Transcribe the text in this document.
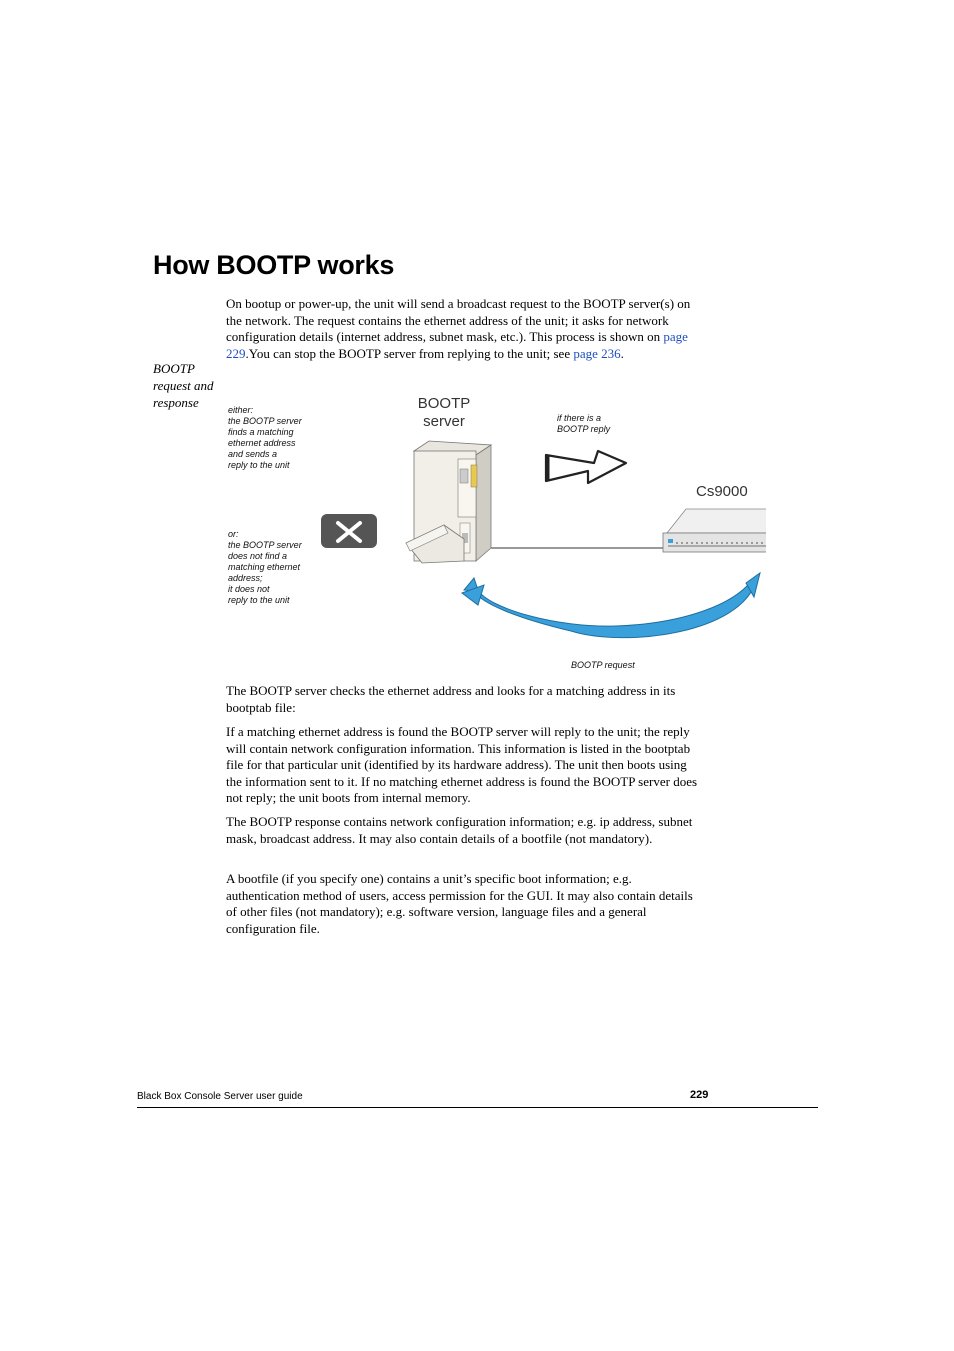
How BOOTP works

On bootup or power-up, the unit will send a broadcast request to the BOOTP server(s) on the network. The request contains the ethernet address of the unit; it asks for network configuration details (internet address, subnet mask, etc.). This process is shown on page 229.You can stop the BOOTP server from replying to the unit; see page 236.

BOOTP request and response	either:
the BOOTP server
finds a matching
ethernet address
and sends a
reply to the unit
or:
the BOOTP server
does not find a
matching ethernet
address;
it does not
reply to the unit
BOOTP
server	if there is a
BOOTP reply
Cs9000
BOOTP request

The BOOTP server checks the ethernet address and looks for a matching address in its bootptab file:

If a matching ethernet address is found the BOOTP server will reply to the unit; the reply will contain network configuration information. This information is listed in the bootptab file for that particular unit (identified by its hardware address). The unit then boots using the information sent to it. If no matching ethernet address is found the BOOTP server does not reply; the unit boots from internal memory.

The BOOTP response contains network configuration information; e.g. ip address, subnet mask, broadcast address. It may also contain details of a bootfile (not mandatory).

A bootfile (if you specify one) contains a unit’s specific boot information; e.g. authentication method of users, access permission for the GUI. It may also contain details of other files (not mandatory); e.g. software version, language files and a general configuration file.

Black Box Console Server user guide	229
